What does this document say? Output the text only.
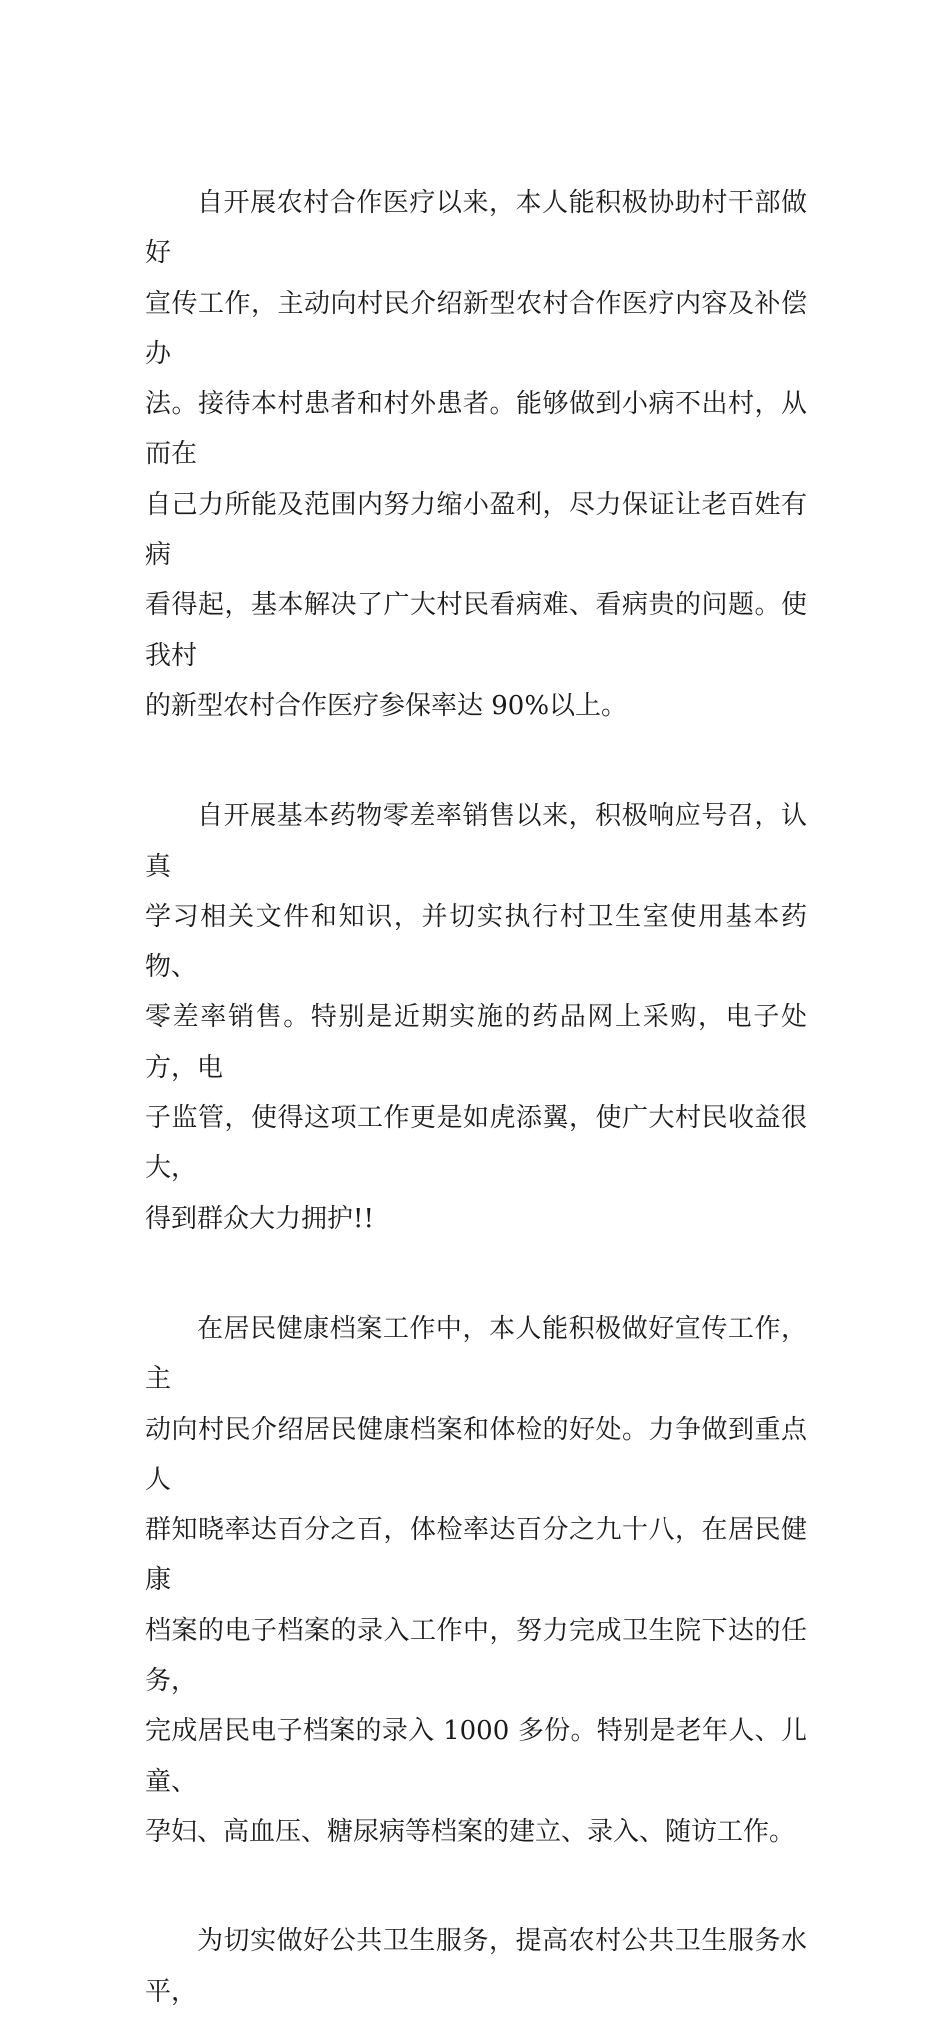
自开展农村合作医疗以来，本人能积极协助村干部做好
宣传工作，主动向村民介绍新型农村合作医疗内容及补偿办
法。接待本村患者和村外患者。能够做到小病不出村，从而在
自己力所能及范围内努力缩小盈利，尽力保证让老百姓有病
看得起，基本解决了广大村民看病难、看病贵的问题。使我村
的新型农村合作医疗参保率达 90%以上。

自开展基本药物零差率销售以来，积极响应号召，认真
学习相关文件和知识，并切实执行村卫生室使用基本药物、
零差率销售。特别是近期实施的药品网上采购，电子处方，电
子监管，使得这项工作更是如虎添翼，使广大村民收益很大，
得到群众大力拥护!!

在居民健康档案工作中，本人能积极做好宣传工作，主
动向村民介绍居民健康档案和体检的好处。力争做到重点人
群知晓率达百分之百，体检率达百分之九十八，在居民健康
档案的电子档案的录入工作中，努力完成卫生院下达的任务，
完成居民电子档案的录入 1000 多份。特别是老年人、儿童、
孕妇、高血压、糖尿病等档案的建立、录入、随访工作。

为切实做好公共卫生服务，提高农村公共卫生服务水平，
